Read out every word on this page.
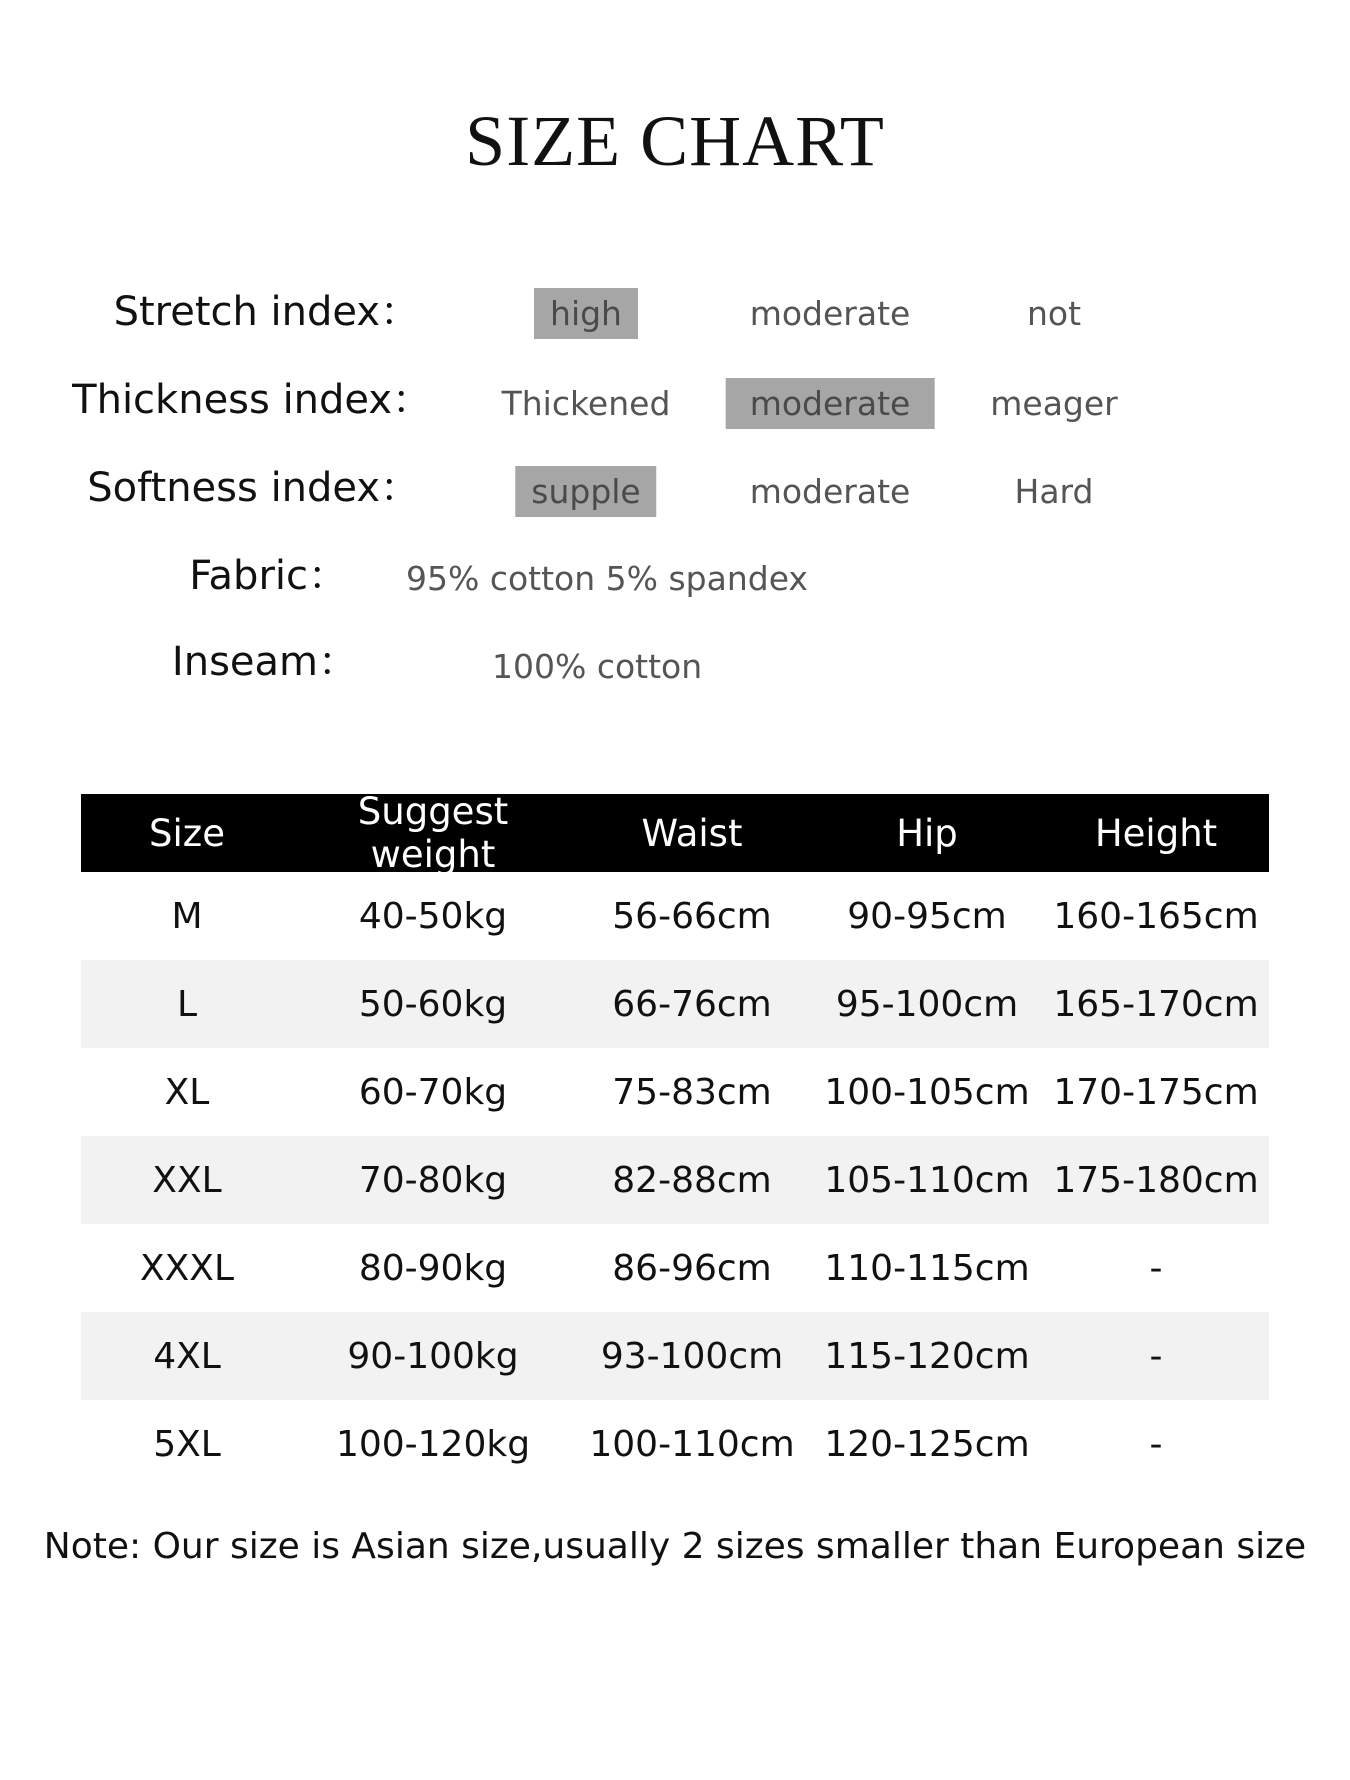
SIZE CHART
Stretch index：	high	moderate	not
Thickness index：	Thickened	moderate	meager
Softness index：	supple	moderate	Hard
Fabric： 95% cotton 5% spandex
Inseam：	100% cotton
Size	Suggest weight	Waist	Hip	Height
M	40-50kg	56-66cm	90-95cm	160-165cm
L	50-60kg	66-76cm	95-100cm 165-170cm
XL	60-70kg	75-83cm	100-105cm 170-175cm
XXL	70-80kg	82-88cm	105-110cm 175-180cm
XXXL	80-90kg	86-96cm	110-115cm	-
4XL	90-100kg	93-100cm	115-120cm	-
5XL	100-120kg	100-110cm 120-125cm	-
Note: Our size is Asian size,usually 2 sizes smaller than European size
